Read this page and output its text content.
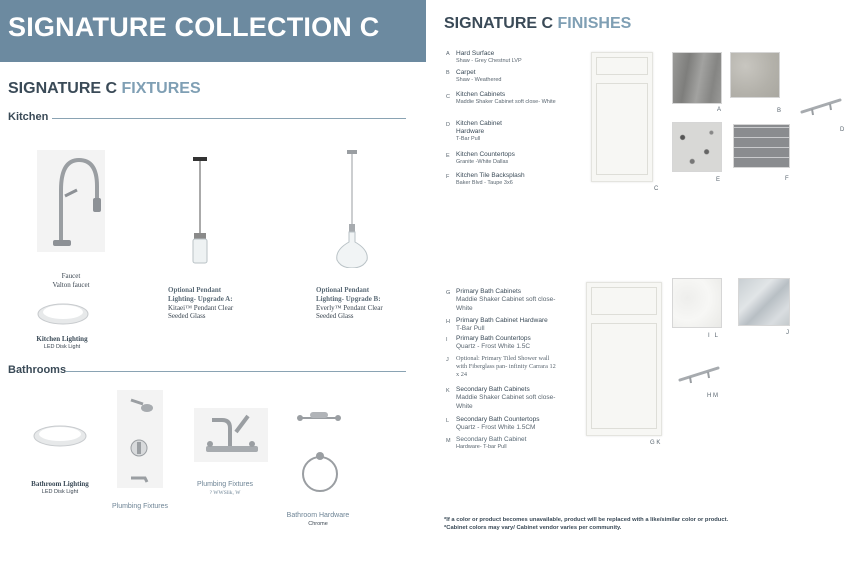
SIGNATURE COLLECTION C
SIGNATURE C FIXTURES
Kitchen
Faucet
Valton faucet
Optional Pendant Lighting- Upgrade A:
Kitaei™ Pendant Clear Seeded Glass
Optional Pendant Lighting- Upgrade B:
Everly™ Pendant Clear Seeded Glass
Kitchen Lighting
LED Disk Light
Bathrooms
Bathroom Lighting
LED Disk Light
Plumbing Fixtures
Plumbing Fixtures
? WWSlik, W
Bathroom Hardware
Chrome
SIGNATURE C FINISHES
A Hard Surface
Shaw - Grey Chestnut LVP
B Carpet
Shaw - Weathered
C Kitchen Cabinets
Maddie Shaker Cabinet soft close- White
D Kitchen Cabinet Hardware
T-Bar Pull
E Kitchen Countertops
Granite -White Dallas
F Kitchen Tile Backsplash
Baker Blvd - Taupe 3x6
C
A	B
D
E	F
G Primary Bath Cabinets
Maddie Shaker Cabinet soft close- White
H Primary Bath Cabinet Hardware
T-Bar Pull
I Primary Bath Countertops
Quartz - Frost White 1.5C
J Optional: Primary Tiled Shower wall with Fiberglass pan- infinity Carrara 12 x 24
K Secondary Bath Cabinets
Maddie Shaker Cabinet soft close- White
L Secondary Bath Countertops
Quartz - Frost White 1.5CM
M Secondary Bath Cabinet
Hardware- T-bar Pull
G K
I   L	J
H M
*If a color or product becomes unavailable, product will be replaced with a like/similar color or product.
*Cabinet colors may vary/ Cabinet vendor varies per community.
